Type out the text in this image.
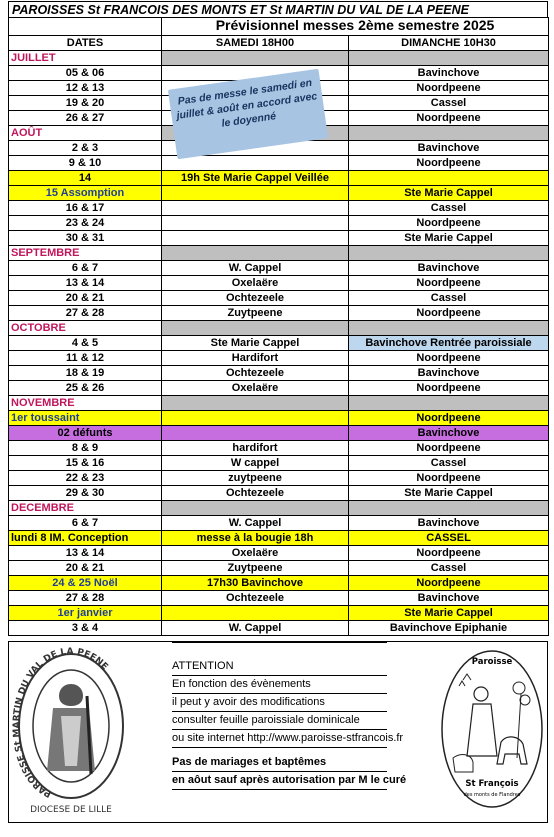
PAROISSES St FRANCOIS DES MONTS ET St MARTIN DU VAL DE LA PEENE
	Prévisionnel messes 2ème semestre 2025	
DATES	SAMEDI 18H00	DIMANCHE 10H30
JUILLET		
05 & 06		Bavinchove
12 & 13		Noordpeene
19 & 20		Cassel
26 & 27		Noordpeene
AOÛT		
2 & 3		Bavinchove
9 & 10		Noordpeene
14	19h Ste Marie Cappel Veillée	
15 Assomption		Ste Marie Cappel
16 & 17		Cassel
23 & 24		Noordpeene
30 & 31		Ste Marie Cappel
SEPTEMBRE		
6 & 7	W. Cappel	Bavinchove
13 & 14	Oxelaëre	Noordpeene
20 & 21	Ochtezeele	Cassel
27 & 28	Zuytpeene	Noordpeene
OCTOBRE		
4 & 5	Ste Marie Cappel	Bavinchove Rentrée paroissiale
11 & 12	Hardifort	Noordpeene
18 & 19	Ochtezeele	Bavinchove
25 & 26	Oxelaëre	Noordpeene
NOVEMBRE		
1er toussaint		Noordpeene
02 défunts		Bavinchove
8 & 9	hardifort	Noordpeene
15 & 16	W cappel	Cassel
22 & 23	zuytpeene	Noordpeene
29 & 30	Ochtezeele	Ste Marie Cappel
DECEMBRE		
6 & 7	W. Cappel	Bavinchove
lundi 8 IM. Conception	messe à la bougie 18h	CASSEL
13 & 14	Oxelaëre	Noordpeene
20 & 21	Zuytpeene	Cassel
24 & 25 Noël	17h30 Bavinchove	Noordpeene
27 & 28	Ochtezeele	Bavinchove
1er janvier		Ste Marie Cappel
3 & 4	W. Cappel	Bavinchove Epiphanie

Pas de messe le samedi en juillet & août en accord avec le doyenné
PAROISSE St MARTIN DU VAL DE LA PEENE
DIOCESE DE LILLE
ATTENTION
En fonction des évènements
il peut y avoir des modifications
consulter feuille paroissiale dominicale
ou site internet http://www.paroisse-stfrancois.fr
Pas de mariages et baptêmes
en aôut sauf après autorisation par M le curé
Paroisse
St François
des monts de Flandres
